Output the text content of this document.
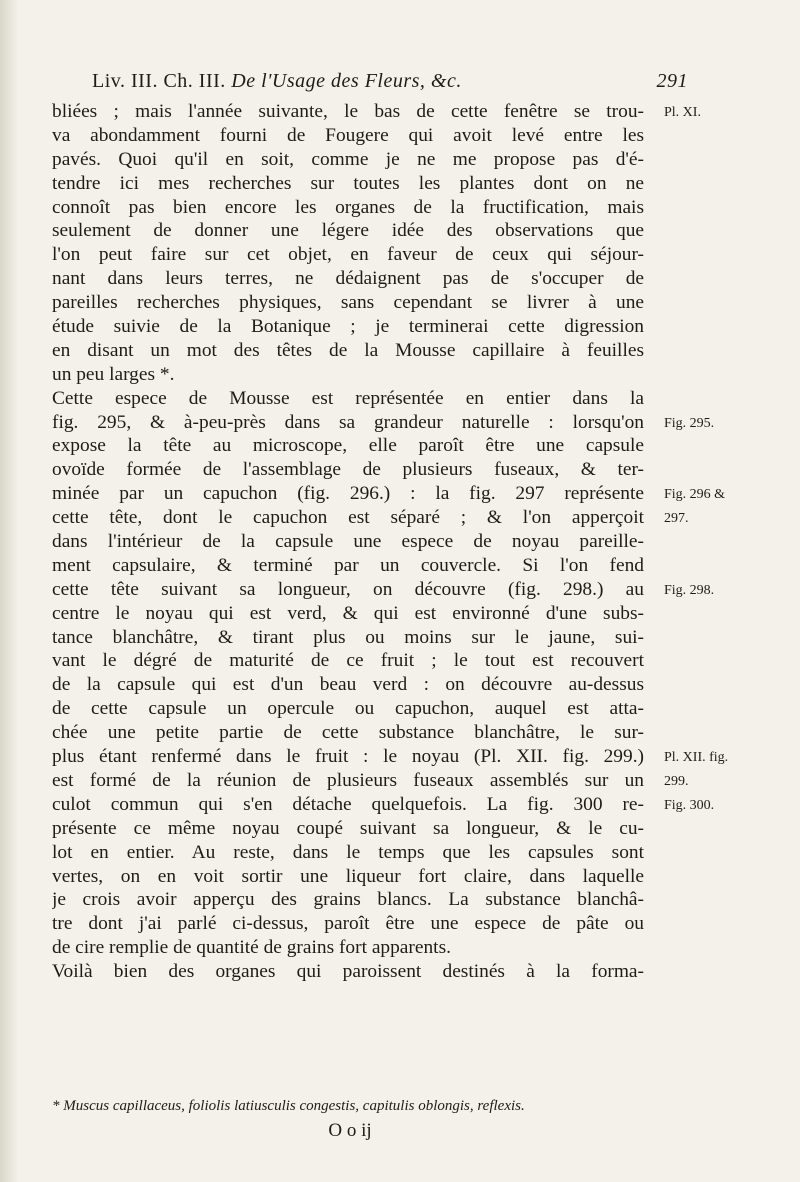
Liv. III. Ch. III. De l'Usage des Fleurs, &c.	291
bliées ; mais l'année suivante, le bas de cette fenêtre se trou-
va abondamment fourni de Fougere qui avoit levé entre les
pavés. Quoi qu'il en soit, comme je ne me propose pas d'é-
tendre ici mes recherches sur toutes les plantes dont on ne
connoît pas bien encore les organes de la fructification, mais
seulement de donner une légere idée des observations que
l'on peut faire sur cet objet, en faveur de ceux qui séjour-
nant dans leurs terres, ne dédaignent pas de s'occuper de
pareilles recherches physiques, sans cependant se livrer à une
étude suivie de la Botanique ; je terminerai cette digression
en disant un mot des têtes de la Mousse capillaire à feuilles
un peu larges *.
Cette espece de Mousse est représentée en entier dans la
fig. 295, & à-peu-près dans sa grandeur naturelle : lorsqu'on
expose la tête au microscope, elle paroît être une capsule
ovoïde formée de l'assemblage de plusieurs fuseaux, & ter-
minée par un capuchon (fig. 296.) : la fig. 297 représente
cette tête, dont le capuchon est séparé ; & l'on apperçoit
dans l'intérieur de la capsule une espece de noyau pareille-
ment capsulaire, & terminé par un couvercle. Si l'on fend
cette tête suivant sa longueur, on découvre (fig. 298.) au
centre le noyau qui est verd, & qui est environné d'une subs-
tance blanchâtre, & tirant plus ou moins sur le jaune, sui-
vant le dégré de maturité de ce fruit ; le tout est recouvert
de la capsule qui est d'un beau verd : on découvre au-dessus
de cette capsule un opercule ou capuchon, auquel est atta-
chée une petite partie de cette substance blanchâtre, le sur-
plus étant renfermé dans le fruit : le noyau (Pl. XII. fig. 299.)
est formé de la réunion de plusieurs fuseaux assemblés sur un
culot commun qui s'en détache quelquefois. La fig. 300 re-
présente ce même noyau coupé suivant sa longueur, & le cu-
lot en entier. Au reste, dans le temps que les capsules sont
vertes, on en voit sortir une liqueur fort claire, dans laquelle
je crois avoir apperçu des grains blancs. La substance blanchâ-
tre dont j'ai parlé ci-dessus, paroît être une espece de pâte ou
de cire remplie de quantité de grains fort apparents.
Voilà bien des organes qui paroissent destinés à la forma-
Pl. XI.
Fig. 295.
Fig. 296 &
297.
Fig. 298.
Pl. XII. fig.
299.
Fig. 300.
* Muscus capillaceus, foliolis latiusculis congestis, capitulis oblongis, reflexis.
O o ij
